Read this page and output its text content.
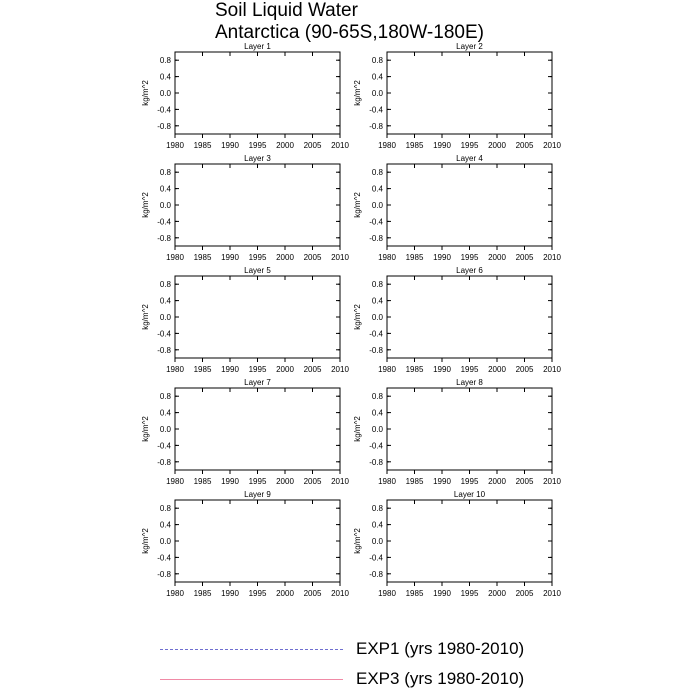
Soil Liquid Water
Antarctica (90-65S,180W-180E)
Layer 1
0.8
0.4
0.0
-0.4
-0.8
1980 1985 1990 1995 2000 2005 2010
kg/m^2
Layer 2
0.8
0.4
0.0
-0.4
-0.8
1980 1985 1990 1995 2000 2005 2010
kg/m^2
Layer 3
0.8
0.4
0.0
-0.4
-0.8
1980 1985 1990 1995 2000 2005 2010
kg/m^2
Layer 4
0.8
0.4
0.0
-0.4
-0.8
1980 1985 1990 1995 2000 2005 2010
kg/m^2
Layer 5
0.8
0.4
0.0
-0.4
-0.8
1980 1985 1990 1995 2000 2005 2010
kg/m^2
Layer 6
0.8
0.4
0.0
-0.4
-0.8
1980 1985 1990 1995 2000 2005 2010
kg/m^2
Layer 7
0.8
0.4
0.0
-0.4
-0.8
1980 1985 1990 1995 2000 2005 2010
kg/m^2
Layer 8
0.8
0.4
0.0
-0.4
-0.8
1980 1985 1990 1995 2000 2005 2010
kg/m^2
Layer 9
0.8
0.4
0.0
-0.4
-0.8
1980 1985 1990 1995 2000 2005 2010
kg/m^2
Layer 10
0.8
0.4
0.0
-0.4
-0.8
1980 1985 1990 1995 2000 2005 2010
kg/m^2
EXP1 (yrs 1980-2010)
EXP3 (yrs 1980-2010)
